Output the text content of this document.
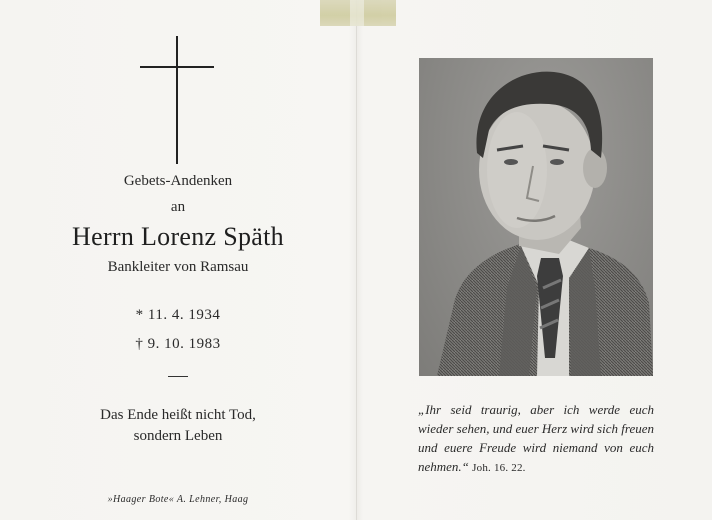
Gebets-Andenken
an
Herrn Lorenz Späth
Bankleiter von Ramsau
* 11. 4. 1934
† 9. 10. 1983
Das Ende heißt nicht Tod,
sondern Leben
»Haager Bote« A. Lehner, Haag
„Ihr seid traurig, aber ich werde euch wieder sehen, und euer Herz wird sich freuen und euere Freude wird niemand von euch nehmen.“ Joh. 16. 22.
